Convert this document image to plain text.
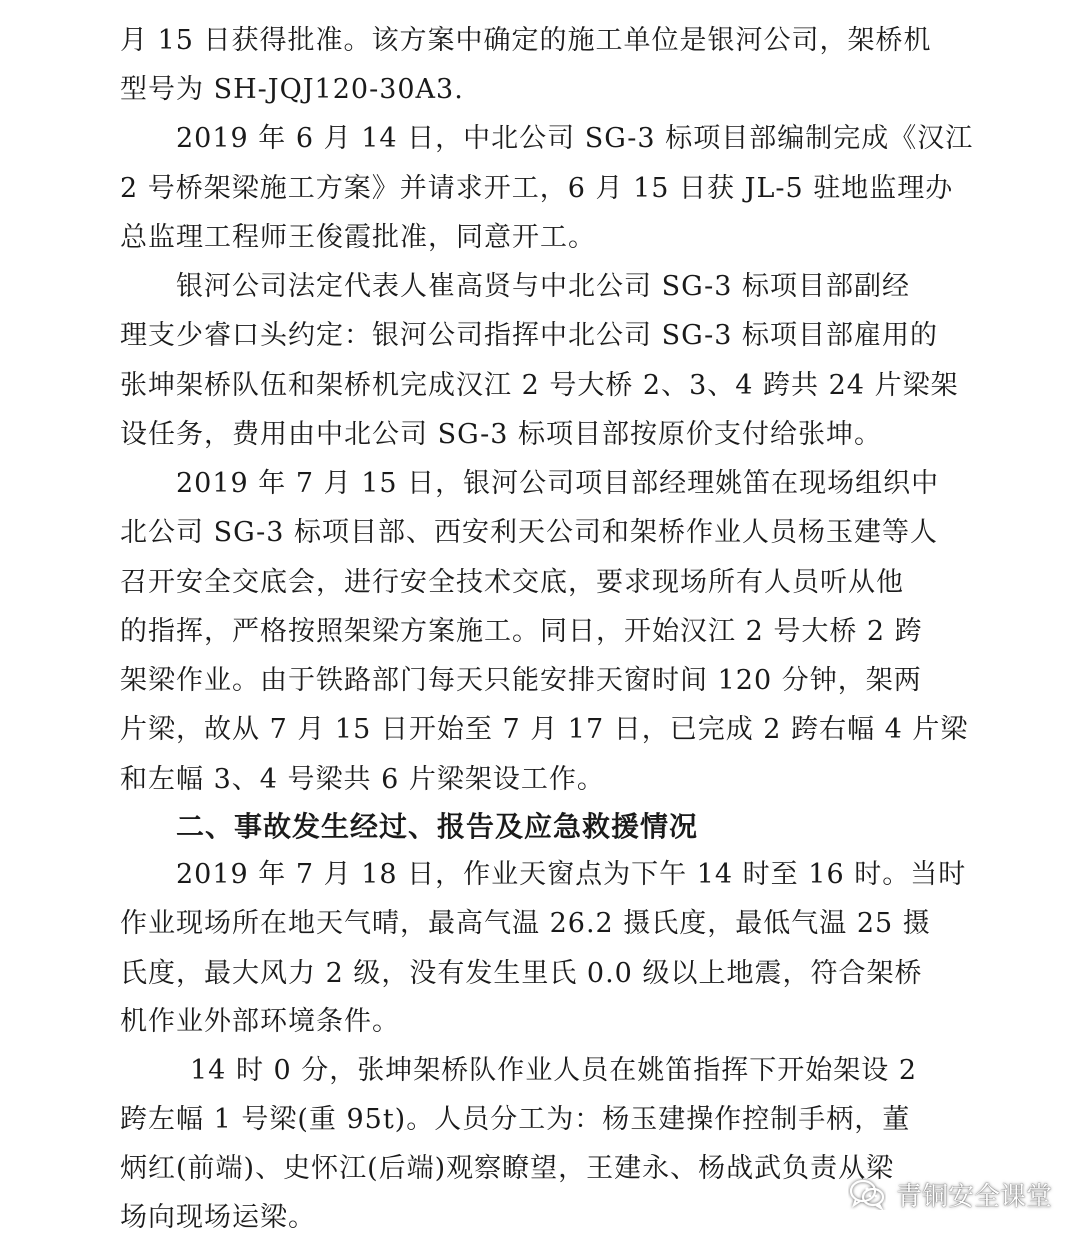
月 15 日获得批准。该方案中确定的施工单位是银河公司，架桥机
型号为 SH-JQJ120-30A3.
2019 年 6 月 14 日，中北公司 SG-3 标项目部编制完成《汉江
2 号桥架梁施工方案》并请求开工，6 月 15 日获 JL-5 驻地监理办
总监理工程师王俊霞批准，同意开工。
银河公司法定代表人崔高贤与中北公司 SG-3 标项目部副经
理支少睿口头约定：银河公司指挥中北公司 SG-3 标项目部雇用的
张坤架桥队伍和架桥机完成汉江 2 号大桥 2、3、4 跨共 24 片梁架
设任务，费用由中北公司 SG-3 标项目部按原价支付给张坤。
2019 年 7 月 15 日，银河公司项目部经理姚笛在现场组织中
北公司 SG-3 标项目部、西安利天公司和架桥作业人员杨玉建等人
召开安全交底会，进行安全技术交底，要求现场所有人员听从他
的指挥，严格按照架梁方案施工。同日，开始汉江 2 号大桥 2 跨
架梁作业。由于铁路部门每天只能安排天窗时间 120 分钟，架两
片梁，故从 7 月 15 日开始至 7 月 17 日，已完成 2 跨右幅 4 片梁
和左幅 3、4 号梁共 6 片梁架设工作。
二、事故发生经过、报告及应急救援情况
2019 年 7 月 18 日，作业天窗点为下午 14 时至 16 时。当时
作业现场所在地天气晴，最高气温 26.2 摄氏度，最低气温 25 摄
氏度，最大风力 2 级，没有发生里氏 0.0 级以上地震，符合架桥
机作业外部环境条件。
14 时 0 分，张坤架桥队作业人员在姚笛指挥下开始架设 2
跨左幅 1 号梁(重 95t)。人员分工为：杨玉建操作控制手柄，董
炳红(前端)、史怀江(后端)观察瞭望，王建永、杨战武负责从梁
场向现场运梁。
青铜安全课堂
